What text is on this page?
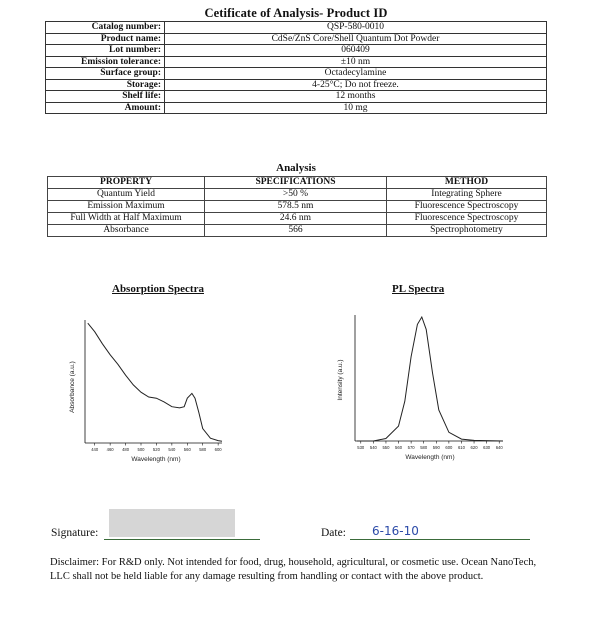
Cetificate of Analysis- Product ID
Catalog number:	QSP-580-0010
Product name:	CdSe/ZnS Core/Shell Quantum Dot Powder
Lot number:	060409
Emission tolerance:	±10 nm
Surface group:	Octadecylamine
Storage:	4-25°C; Do not freeze.
Shelf life:	12 months
Amount:	10 mg
Analysis
PROPERTY	SPECIFICATIONS	METHOD
Quantum Yield	>50 %	Integrating Sphere
Emission Maximum	578.5 nm	Fluorescence Spectroscopy
Full Width at Half Maximum	24.6 nm	Fluorescence Spectroscopy
Absorbance	566	Spectrophotometry
Absorption Spectra	PL Spectra
Absorbance (a.u.)
440 460 480 500 520 540 560 580 600
Wavelength (nm)
Intensity (a.u.)
530 540 550 560 570 580 590 600 610 620 630 640
Wavelength (nm)
Signature:	Date: 6-16-10
Disclaimer: For R&D only. Not intended for food, drug, household, agricultural, or cosmetic use. Ocean NanoTech, LLC shall not be held liable for any damage resulting from handling or contact with the above product.
